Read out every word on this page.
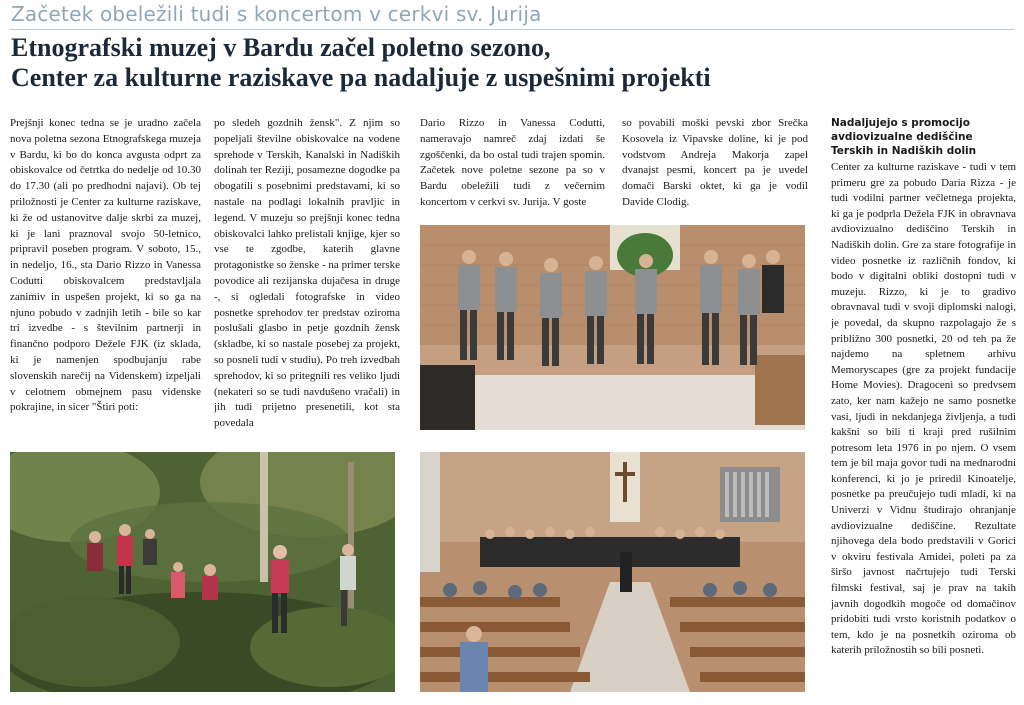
Začetek obeležili tudi s koncertom v cerkvi sv. Jurija
Etnografski muzej v Bardu začel poletno sezono,
Center za kulturne raziskave pa nadaljuje z uspešnimi projekti

Prejšnji konec tedna se je uradno začela nova poletna sezona Etnografskega muzeja v Bardu, ki bo do konca avgusta odprt za obiskovalce od četrtka do nedelje od 10.30 do 17.30 (ali po predhodni najavi). Ob tej priložnosti je Center za kulturne raziskave, ki že od ustanovitve dalje skrbi za muzej, ki je lani praznoval svojo 50-letnico, pripravil poseben program. V soboto, 15., in nedeljo, 16., sta Dario Rizzo in Vanessa Codutti obiskovalcem predstavljala zanimiv in uspešen projekt, ki so ga na njuno pobudo v zadnjih letih - bile so kar tri izvedbe - s številnim partnerji in finančno podporo Dežele FJK (iz sklada, ki je namenjen spodbujanju rabe slovenskih narečij na Videnskem) izpeljali v celotnem obmejnem pasu videnske pokrajine, in sicer "Štiri poti:

po sledeh gozdnih žensk". Z njim so popeljali številne obiskovalce na vodene sprehode v Terskih, Kanalski in Nadiških dolinah ter Reziji, posamezne dogodke pa obogatili s posebnimi predstavami, ki so nastale na podlagi lokalnih pravljic in legend. V muzeju so prejšnji konec tedna obiskovalci lahko prelistali knjige, kjer so vse te zgodbe, katerih glavne protagonistke so ženske - na primer terske povodice ali rezijanska dujačesa in druge -, si ogledali fotografske in video posnetke sprehodov ter predstav oziroma poslušali glasbo in petje gozdnih žensk (skladbe, ki so nastale posebej za projekt, so posneli tudi v studiu). Po treh izvedbah sprehodov, ki so pritegnili res veliko ljudi (nekateri so se tudi navdušeno vračali) in jih tudi prijetno presenetili, kot sta povedala

Dario Rizzo in Vanessa Codutti, nameravajo namreč zdaj izdati še zgoščenki, da bo ostal tudi trajen spomin. Začetek nove poletne sezone pa so v Bardu obeležili tudi z večernim koncertom v cerkvi sv. Jurija. V goste

so povabili moški pevski zbor Srečka Kosovela iz Vipavske doline, ki je pod vodstvom Andreja Makorja zapel dvanajst pesmi, koncert pa je uvedel domači Barski oktet, ki ga je vodil Davide Clodig.

Nadaljujejo s promocijo avdiovizualne dediščine Terskih in Nadiških dolin

Center za kulturne raziskave - tudi v tem primeru gre za pobudo Daria Rizza - je tudi vodilni partner večletnega projekta, ki ga je podprla Dežela FJK in obravnava avdiovizualno dediščino Terskih in Nadiških dolin. Gre za stare fotografije in video posnetke iz različnih fondov, ki bodo v digitalni obliki dostopni tudi v muzeju. Rizzo, ki je to gradivo obravnaval tudi v svoji diplomski nalogi, je povedal, da skupno razpolagajo že s približno 300 posnetki, 20 od teh pa že najdemo na spletnem arhivu Memoryscapes (gre za projekt fundacije Home Movies). Dragoceni so predvsem zato, ker nam kažejo ne samo posnetke vasi, ljudi in nekdanjega življenja, a tudi kakšni so bili ti kraji pred rušilnim potresom leta 1976 in po njem. O vsem tem je bil maja govor tudi na mednarodni konferenci, ki jo je priredil Kinoatelje, posnetke pa preučujejo tudi mladi, ki na Univerzi v Vidnu študirajo ohranjanje avdiovizualne dediščine. Rezultate njihovega dela bodo predstavili v Gorici v okviru festivala Amidei, poleti pa za širšo javnost načrtujejo tudi Terski filmski festival, saj je prav na takih javnih dogodkih mogoče od domačinov pridobiti tudi vrsto koristnih podatkov o tem, kdo je na posnetkih oziroma ob katerih priložnostih so bili posneti.
